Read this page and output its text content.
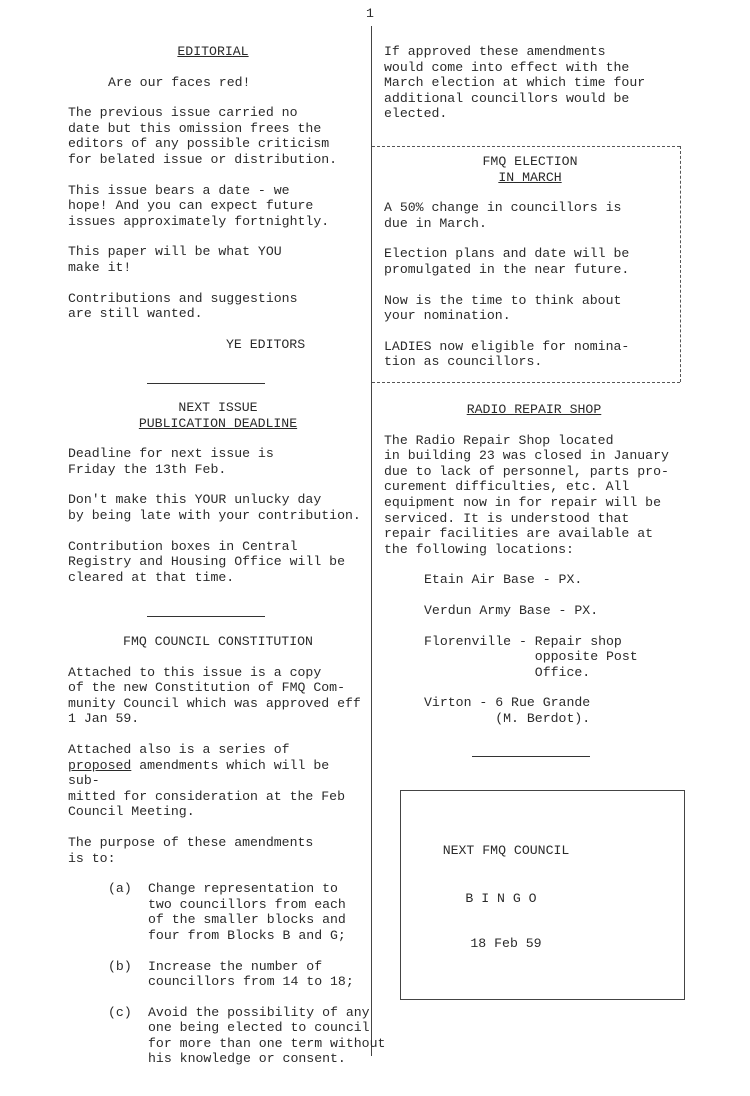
1
EDITORIAL
Are our faces red!

The previous issue carried no
date but this omission frees the
editors of any possible criticism
for belated issue or distribution.

This issue bears a date - we
hope! And you can expect future
issues approximately fortnightly.

This paper will be what YOU
make it!

Contributions and suggestions
are still wanted.

YE EDITORS
NEXT ISSUE
PUBLICATION DEADLINE

Deadline for next issue is
Friday the 13th Feb.

Don't make this YOUR unlucky day
by being late with your contribution.

Contribution boxes in Central
Registry and Housing Office will be
cleared at that time.

FMQ COUNCIL CONSTITUTION

Attached to this issue is a copy
of the new Constitution of FMQ Com-
munity Council which was approved eff
1 Jan 59.

Attached also is a series of
proposed amendments which will be sub-
mitted for consideration at the Feb
Council Meeting.

The purpose of these amendments
is to:

(a) Change representation to
two councillors from each
of the smaller blocks and
four from Blocks B and G;

(b) Increase the number of
councillors from 14 to 18;

(c) Avoid the possibility of any
one being elected to council
for more than one term without
his knowledge or consent.

If approved these amendments
would come into effect with the
March election at which time four
additional councillors would be
elected.

FMQ ELECTION
IN MARCH

A 50% change in councillors is
due in March.

Election plans and date will be
promulgated in the near future.

Now is the time to think about
your nomination.

LADIES now eligible for nomina-
tion as councillors.

RADIO REPAIR SHOP

The Radio Repair Shop located
in building 23 was closed in January
due to lack of personnel, parts pro-
curement difficulties, etc. All
equipment now in for repair will be
serviced. It is understood that
repair facilities are available at
the following locations:

Etain Air Base - PX.

Verdun Army Base - PX.

Florenville - Repair shop
opposite Post
Office.

Virton - 6 Rue Grande
(M. Berdot).

NEXT FMQ COUNCIL
B I N G O
18 Feb 59
